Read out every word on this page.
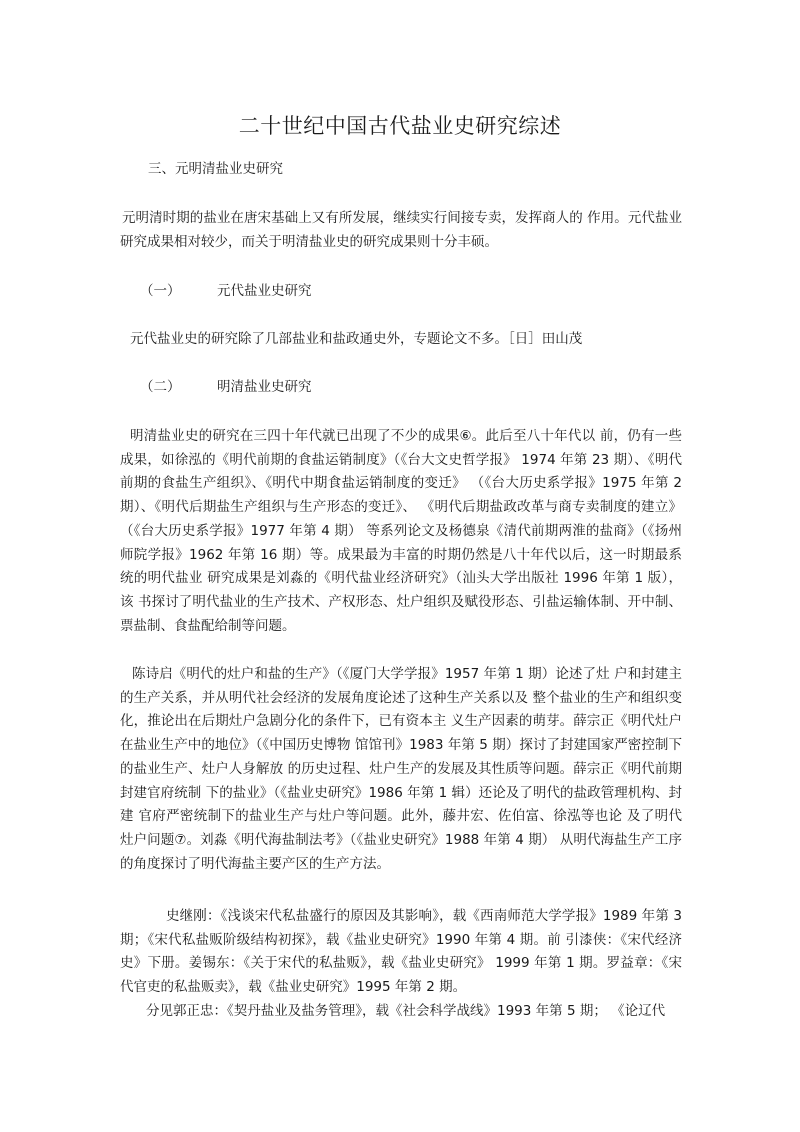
二十世纪中国古代盐业史研究综述

三、元明清盐业史研究

元明清时期的盐业在唐宋基础上又有所发展，继续实行间接专卖，发挥商人的 作用。元代盐业研究成果相对较少，而关于明清盐业史的研究成果则十分丰硕。

（一）	元代盐业史研究

元代盐业史的研究除了几部盐业和盐政通史外，专题论文不多。［日］田山茂

（二）	明清盐业史研究

明清盐业史的研究在三四十年代就已出现了不少的成果⑥。此后至八十年代以 前，仍有一些成果，如徐泓的《明代前期的食盐运销制度》（《台大文史哲学报》 1974 年第 23 期）、《明代前期的食盐生产组织》、《明代中期食盐运销制度的变迁》 （《台大历史系学报》1975 年第 2 期）、《明代后期盐生产组织与生产形态的变迁》、 《明代后期盐政改革与商专卖制度的建立》（《台大历史系学报》1977 年第 4 期） 等系列论文及杨德泉《清代前期两淮的盐商》（《扬州师院学报》1962 年第 16 期）等。成果最为丰富的时期仍然是八十年代以后，这一时期最系统的明代盐业 研究成果是刘淼的《明代盐业经济研究》（汕头大学出版社 1996 年第 1 版），该 书探讨了明代盐业的生产技术、产权形态、灶户组织及赋役形态、引盐运输体制、开中制、票盐制、食盐配给制等问题。

陈诗启《明代的灶户和盐的生产》（《厦门大学学报》1957 年第 1 期）论述了灶 户和封建主的生产关系，并从明代社会经济的发展角度论述了这种生产关系以及 整个盐业的生产和组织变化，推论出在后期灶户急剧分化的条件下，已有资本主 义生产因素的萌芽。薛宗正《明代灶户在盐业生产中的地位》（《中国历史博物 馆馆刊》1983 年第 5 期）探讨了封建国家严密控制下的盐业生产、灶户人身解放 的历史过程、灶户生产的发展及其性质等问题。薛宗正《明代前期封建官府统制 下的盐业》（《盐业史研究》1986 年第 1 辑）还论及了明代的盐政管理机构、封建 官府严密统制下的盐业生产与灶户等问题。此外，藤井宏、佐伯富、徐泓等也论 及了明代灶户问题⑦。刘淼《明代海盐制法考》（《盐业史研究》1988 年第 4 期） 从明代海盐生产工序的角度探讨了明代海盐主要产区的生产方法。

史继刚：《浅谈宋代私盐盛行的原因及其影响》，载《西南师范大学学报》1989 年第 3 期；《宋代私盐贩阶级结构初探》，载《盐业史研究》1990 年第 4 期。前 引漆侠：《宋代经济史》下册。姜锡东：《关于宋代的私盐贩》，载《盐业史研究》 1999 年第 1 期。罗益章：《宋代官吏的私盐贩卖》，载《盐业史研究》1995 年第 2 期。

分见郭正忠：《契丹盐业及盐务管理》，载《社会科学战线》1993 年第 5 期； 《论辽代
